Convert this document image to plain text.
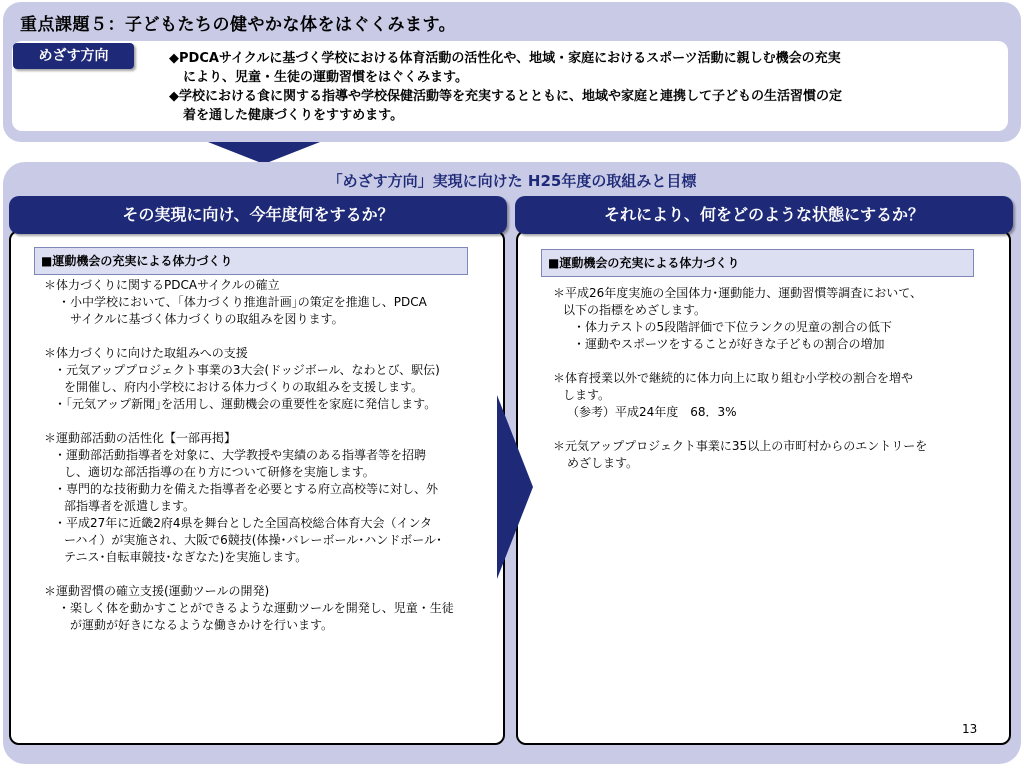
重点課題５：子どもたちの健やかな体をはぐくみます。
めざす方向	◆PDCAサイクルに基づく学校における体育活動の活性化や、地域・家庭におけるスポーツ活動に親しむ機会の充実
により、児童・生徒の運動習慣をはぐくみます。
◆学校における食に関する指導や学校保健活動等を充実するとともに、地域や家庭と連携して子どもの生活習慣の定
着を通した健康づくりをすすめます。
「めざす方向」実現に向けた H25年度の取組みと目標
その実現に向け、今年度何をするか？	それにより、何をどのような状態にするか？
■運動機会の充実による体力づくり	■運動機会の充実による体力づくり
＊体力づくりに関するPDCAサイクルの確立
・小中学校において、｢体力づくり推進計画｣の策定を推進し、PDCA
サイクルに基づく体力づくりの取組みを図ります。
＊体力づくりに向けた取組みへの支援
・元気アッププロジェクト事業の3大会(ドッジボール、なわとび、駅伝)
を開催し、府内小学校における体力づくりの取組みを支援します。
・｢元気アップ新聞｣を活用し、運動機会の重要性を家庭に発信します。
＊運動部活動の活性化【一部再掲】
・運動部活動指導者を対象に、大学教授や実績のある指導者等を招聘
し、適切な部活指導の在り方について研修を実施します。
・専門的な技術動力を備えた指導者を必要とする府立高校等に対し、外
部指導者を派遣します。
・平成27年に近畿2府4県を舞台とした全国高校総合体育大会（インタ
ーハイ）が実施され、大阪で6競技(体操･バレーボール･ハンドボール･
テニス･自転車競技･なぎなた)を実施します。
＊運動習慣の確立支援(運動ツールの開発)
・楽しく体を動かすことができるような運動ツールを開発し、児童・生徒
が運動が好きになるような働きかけを行います。
＊平成26年度実施の全国体力･運動能力、運動習慣等調査において、
以下の指標をめざします。
・体力テストの5段階評価で下位ランクの児童の割合の低下
・運動やスポーツをすることが好きな子どもの割合の増加
＊体育授業以外で継続的に体力向上に取り組む小学校の割合を増や
します。
（参考）平成24年度　68．3%
＊元気アッププロジェクト事業に35以上の市町村からのエントリーを
めざします。
13
